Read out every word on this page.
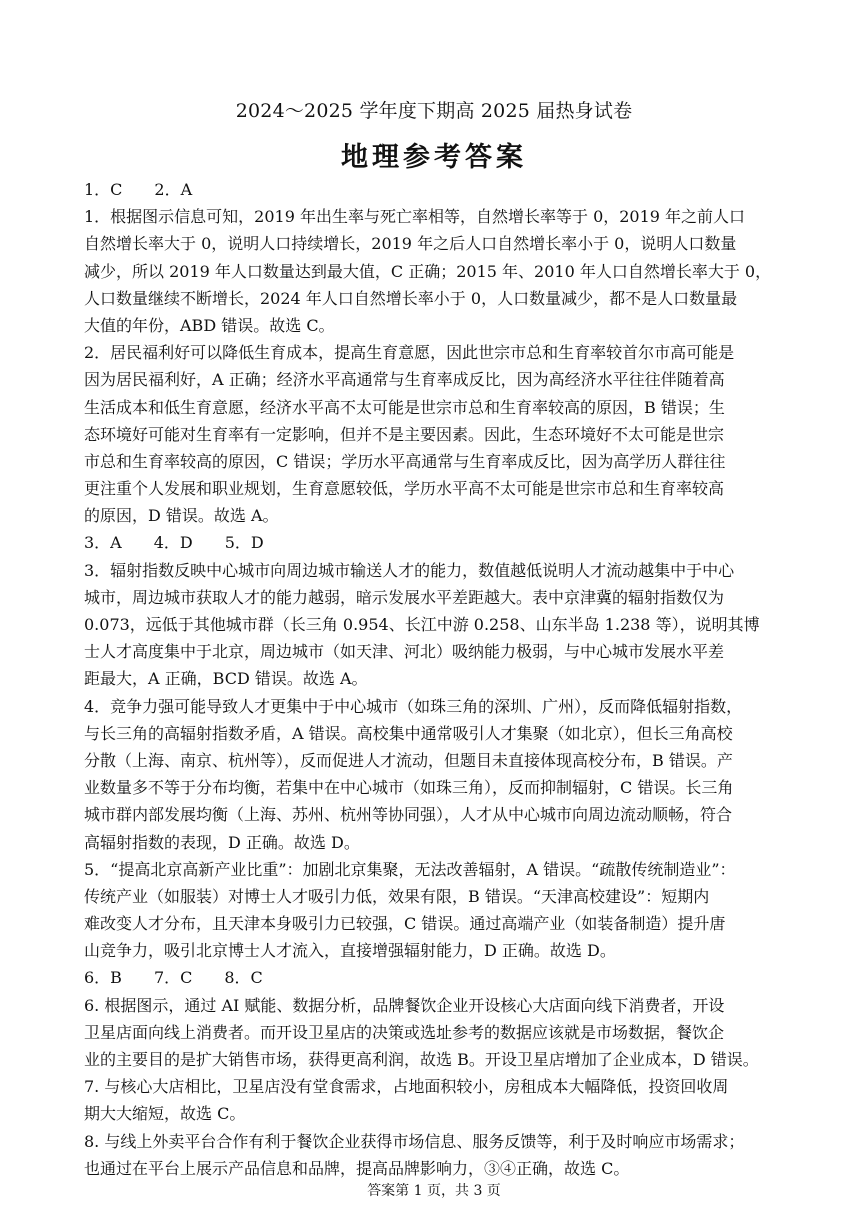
2024～2025 学年度下期高 2025 届热身试卷
地理参考答案
1．C　　2．A
1．根据图示信息可知，2019 年出生率与死亡率相等，自然增长率等于 0，2019 年之前人口
自然增长率大于 0，说明人口持续增长，2019 年之后人口自然增长率小于 0，说明人口数量
减少，所以 2019 年人口数量达到最大值，C 正确；2015 年、2010 年人口自然增长率大于 0，
人口数量继续不断增长，2024 年人口自然增长率小于 0，人口数量减少，都不是人口数量最
大值的年份，ABD 错误。故选 C。
2．居民福利好可以降低生育成本，提高生育意愿，因此世宗市总和生育率较首尔市高可能是
因为居民福利好，A 正确；经济水平高通常与生育率成反比，因为高经济水平往往伴随着高
生活成本和低生育意愿，经济水平高不太可能是世宗市总和生育率较高的原因，B 错误；生
态环境好可能对生育率有一定影响，但并不是主要因素。因此，生态环境好不太可能是世宗
市总和生育率较高的原因，C 错误；学历水平高通常与生育率成反比，因为高学历人群往往
更注重个人发展和职业规划，生育意愿较低，学历水平高不太可能是世宗市总和生育率较高
的原因，D 错误。故选 A。
3．A　　4．D　　5．D
3．辐射指数反映中心城市向周边城市输送人才的能力，数值越低说明人才流动越集中于中心
城市，周边城市获取人才的能力越弱，暗示发展水平差距越大。表中京津冀的辐射指数仅为
0.073，远低于其他城市群（长三角 0.954、长江中游 0.258、山东半岛 1.238 等），说明其博
士人才高度集中于北京，周边城市（如天津、河北）吸纳能力极弱，与中心城市发展水平差
距最大，A 正确，BCD 错误。故选 A。
4．竞争力强可能导致人才更集中于中心城市（如珠三角的深圳、广州），反而降低辐射指数，
与长三角的高辐射指数矛盾，A 错误。高校集中通常吸引人才集聚（如北京），但长三角高校
分散（上海、南京、杭州等），反而促进人才流动，但题目未直接体现高校分布，B 错误。产
业数量多不等于分布均衡，若集中在中心城市（如珠三角），反而抑制辐射，C 错误。长三角
城市群内部发展均衡（上海、苏州、杭州等协同强），人才从中心城市向周边流动顺畅，符合
高辐射指数的表现，D 正确。故选 D。
5．“提高北京高新产业比重”：加剧北京集聚，无法改善辐射，A 错误。“疏散传统制造业”：
传统产业（如服装）对博士人才吸引力低，效果有限，B 错误。“天津高校建设”：短期内
难改变人才分布，且天津本身吸引力已较强，C 错误。通过高端产业（如装备制造）提升唐
山竞争力，吸引北京博士人才流入，直接增强辐射能力，D 正确。故选 D。
6．B　　7．C　　8．C
6. 根据图示，通过 AI 赋能、数据分析，品牌餐饮企业开设核心大店面向线下消费者，开设
卫星店面向线上消费者。而开设卫星店的决策或选址参考的数据应该就是市场数据，餐饮企
业的主要目的是扩大销售市场，获得更高利润，故选 B。开设卫星店增加了企业成本，D 错误。
7. 与核心大店相比，卫星店没有堂食需求，占地面积较小，房租成本大幅降低，投资回收周
期大大缩短，故选 C。
8. 与线上外卖平台合作有利于餐饮企业获得市场信息、服务反馈等，利于及时响应市场需求；
也通过在平台上展示产品信息和品牌，提高品牌影响力，③④正确，故选 C。
答案第 1 页，共 3 页
